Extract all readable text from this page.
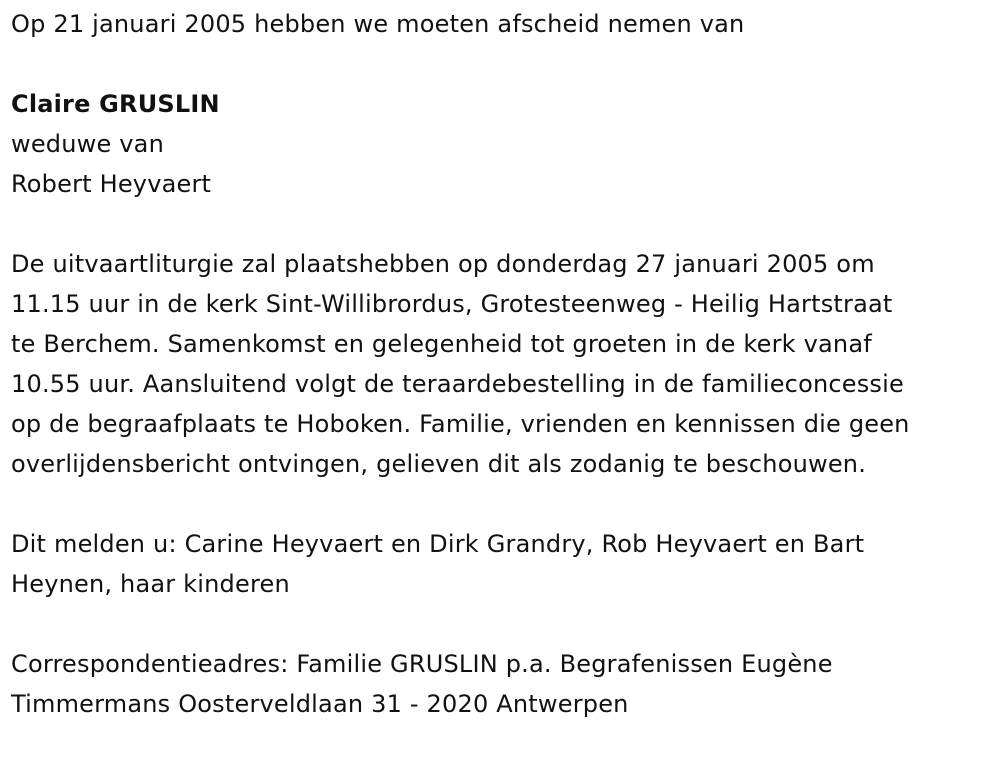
Op 21 januari 2005 hebben we moeten afscheid nemen van

Claire GRUSLIN

weduwe van

Robert Heyvaert

De uitvaartliturgie zal plaatshebben op donderdag 27 januari 2005 om
11.15 uur in de kerk Sint-Willibrordus, Grotesteenweg - Heilig Hartstraat
te Berchem. Samenkomst en gelegenheid tot groeten in de kerk vanaf
10.55 uur. Aansluitend volgt de teraardebestelling in de familieconcessie
op de begraafplaats te Hoboken. Familie, vrienden en kennissen die geen
overlijdensbericht ontvingen, gelieven dit als zodanig te beschouwen.
Dit melden u: Carine Heyvaert en Dirk Grandry, Rob Heyvaert en Bart
Heynen, haar kinderen
Correspondentieadres: Familie GRUSLIN p.a. Begrafenissen Eugène
Timmermans Oosterveldlaan 31 - 2020 Antwerpen
